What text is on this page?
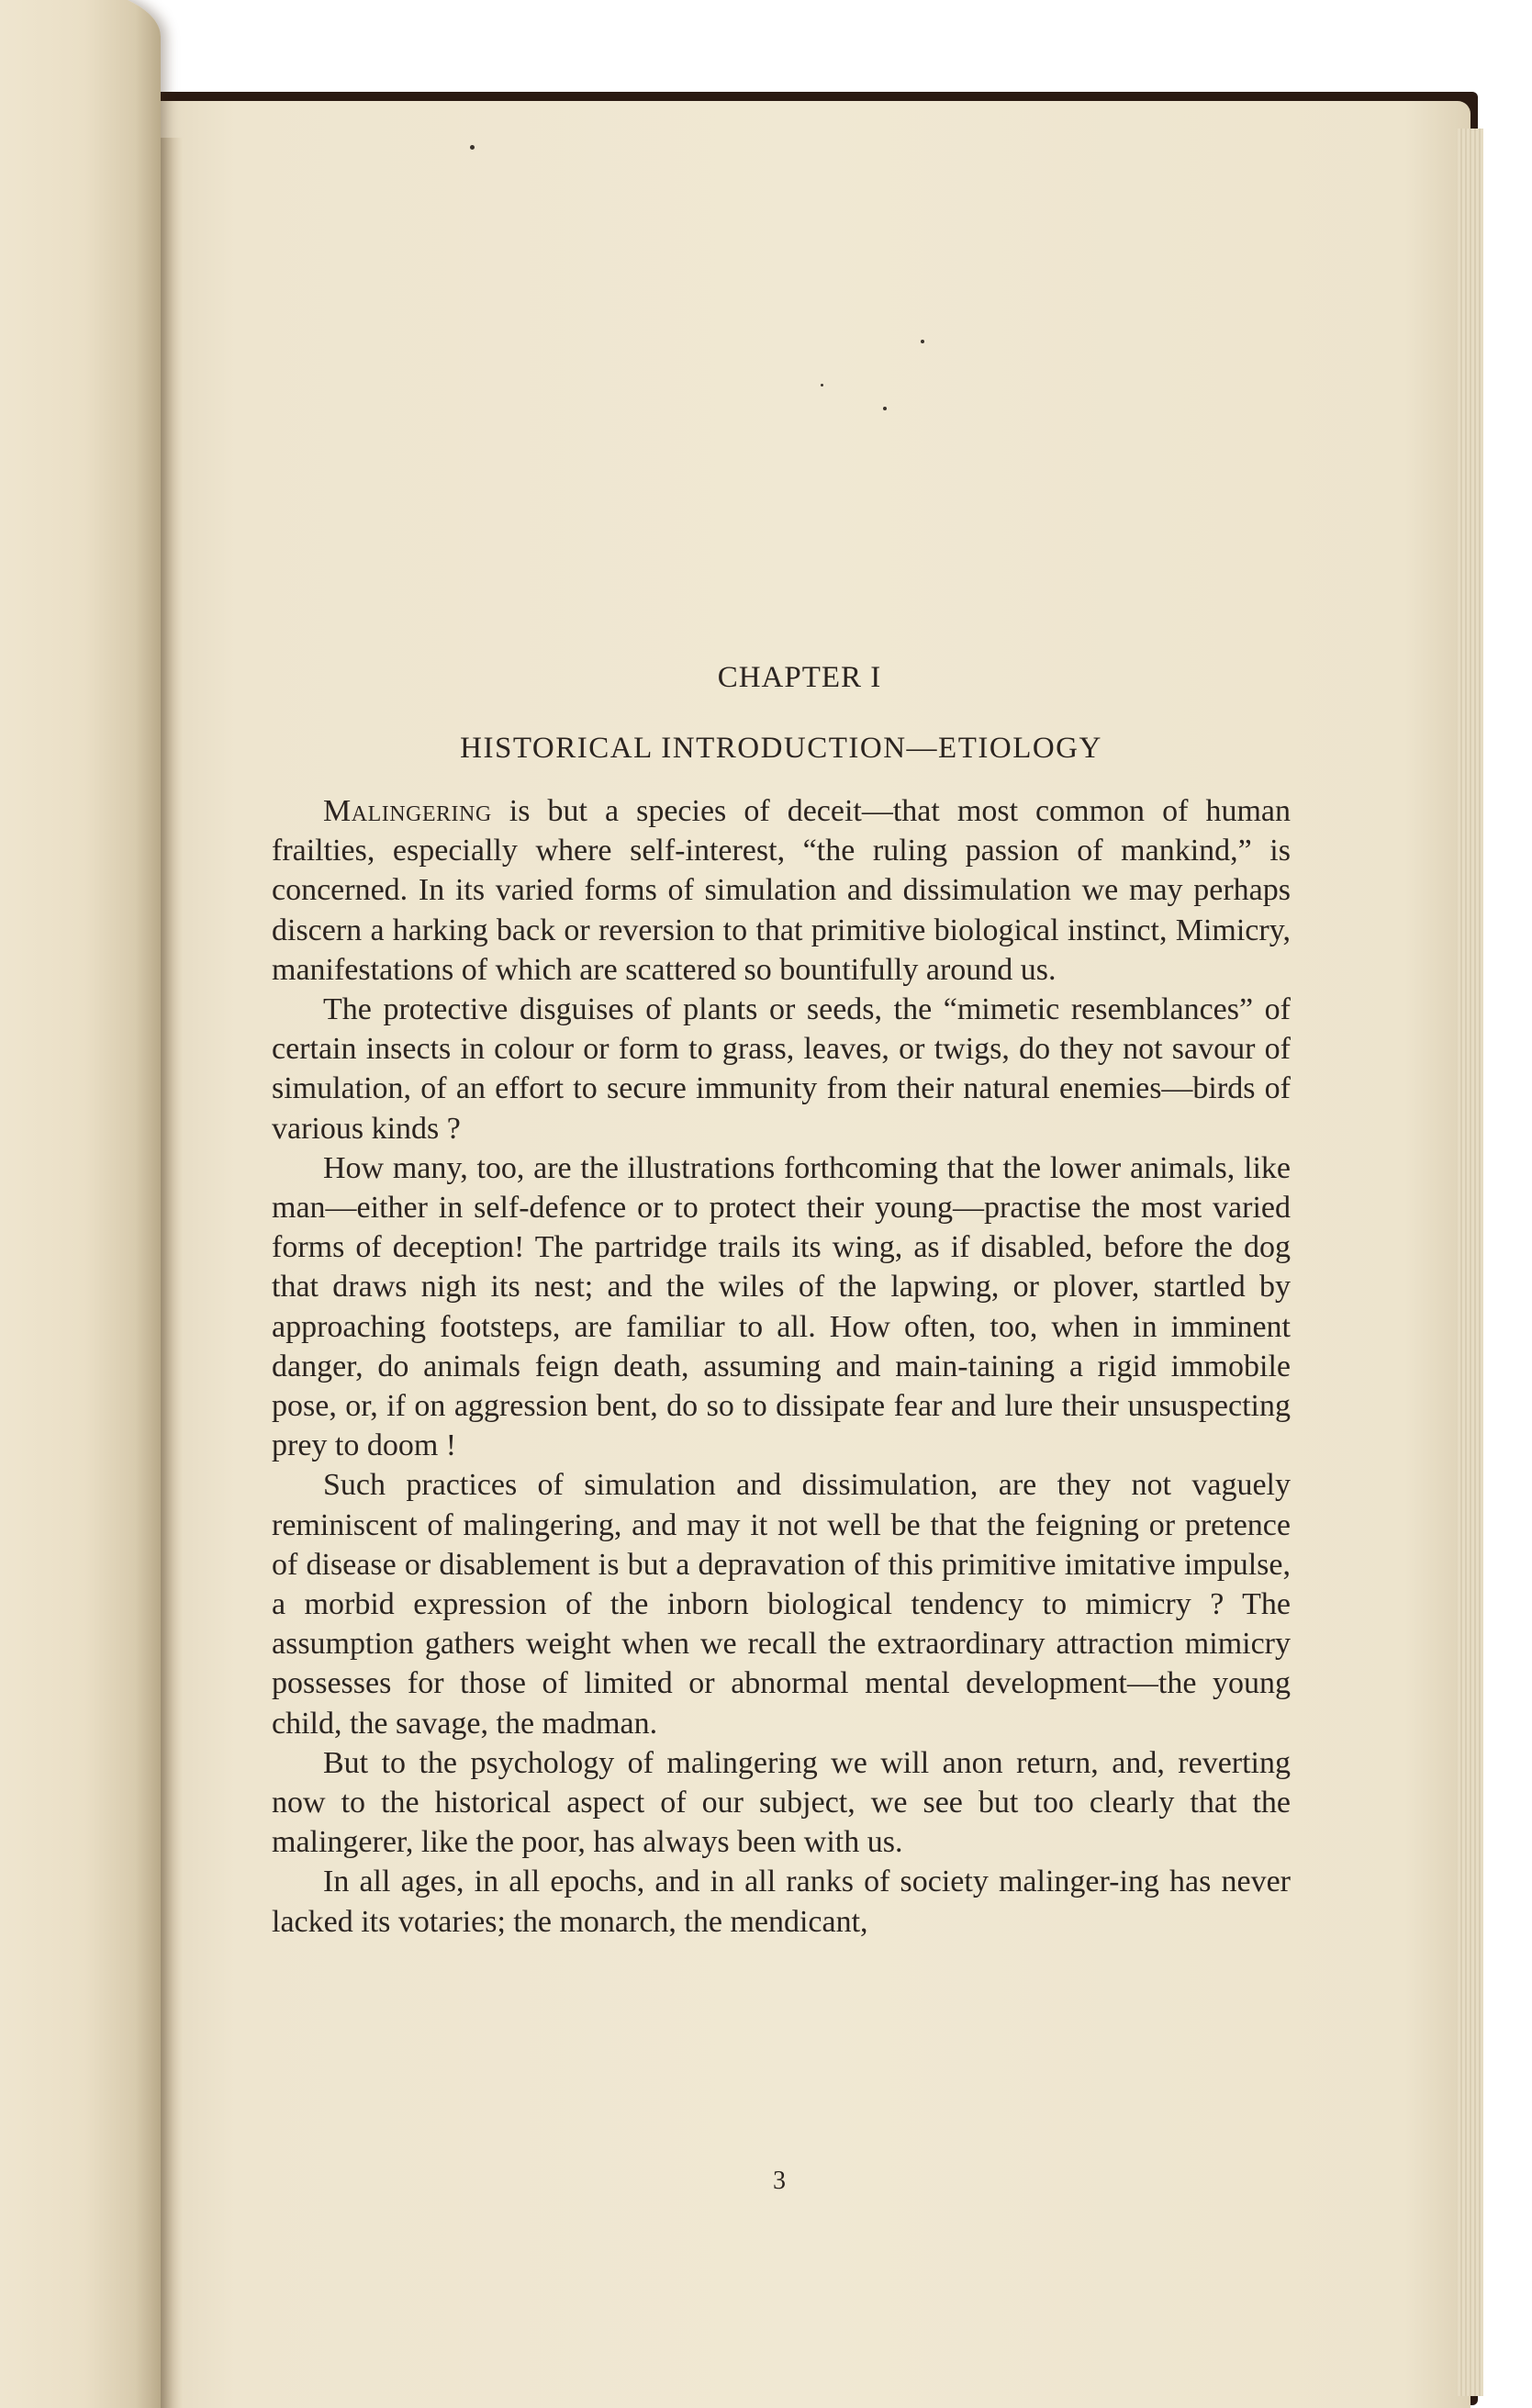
CHAPTER I
HISTORICAL INTRODUCTION—ETIOLOGY

Malingering is but a species of deceit—that most common of human frailties, especially where self-interest, “the ruling passion of mankind,” is concerned. In its varied forms of simulation and dissimulation we may perhaps discern a harking back or reversion to that primitive biological instinct, Mimicry, manifestations of which are scattered so bountifully around us.

The protective disguises of plants or seeds, the “mimetic resemblances” of certain insects in colour or form to grass, leaves, or twigs, do they not savour of simulation, of an effort to secure immunity from their natural enemies—birds of various kinds ?

How many, too, are the illustrations forthcoming that the lower animals, like man—either in self-defence or to protect their young—practise the most varied forms of deception! The partridge trails its wing, as if disabled, before the dog that draws nigh its nest; and the wiles of the lapwing, or plover, startled by approaching footsteps, are familiar to all. How often, too, when in imminent danger, do animals feign death, assuming and main-taining a rigid immobile pose, or, if on aggression bent, do so to dissipate fear and lure their unsuspecting prey to doom !

Such practices of simulation and dissimulation, are they not vaguely reminiscent of malingering, and may it not well be that the feigning or pretence of disease or disablement is but a depravation of this primitive imitative impulse, a morbid expression of the inborn biological tendency to mimicry ? The assumption gathers weight when we recall the extraordinary attraction mimicry possesses for those of limited or abnormal mental development—the young child, the savage, the madman.

But to the psychology of malingering we will anon return, and, reverting now to the historical aspect of our subject, we see but too clearly that the malingerer, like the poor, has always been with us.

In all ages, in all epochs, and in all ranks of society malinger-ing has never lacked its votaries; the monarch, the mendicant,

3
